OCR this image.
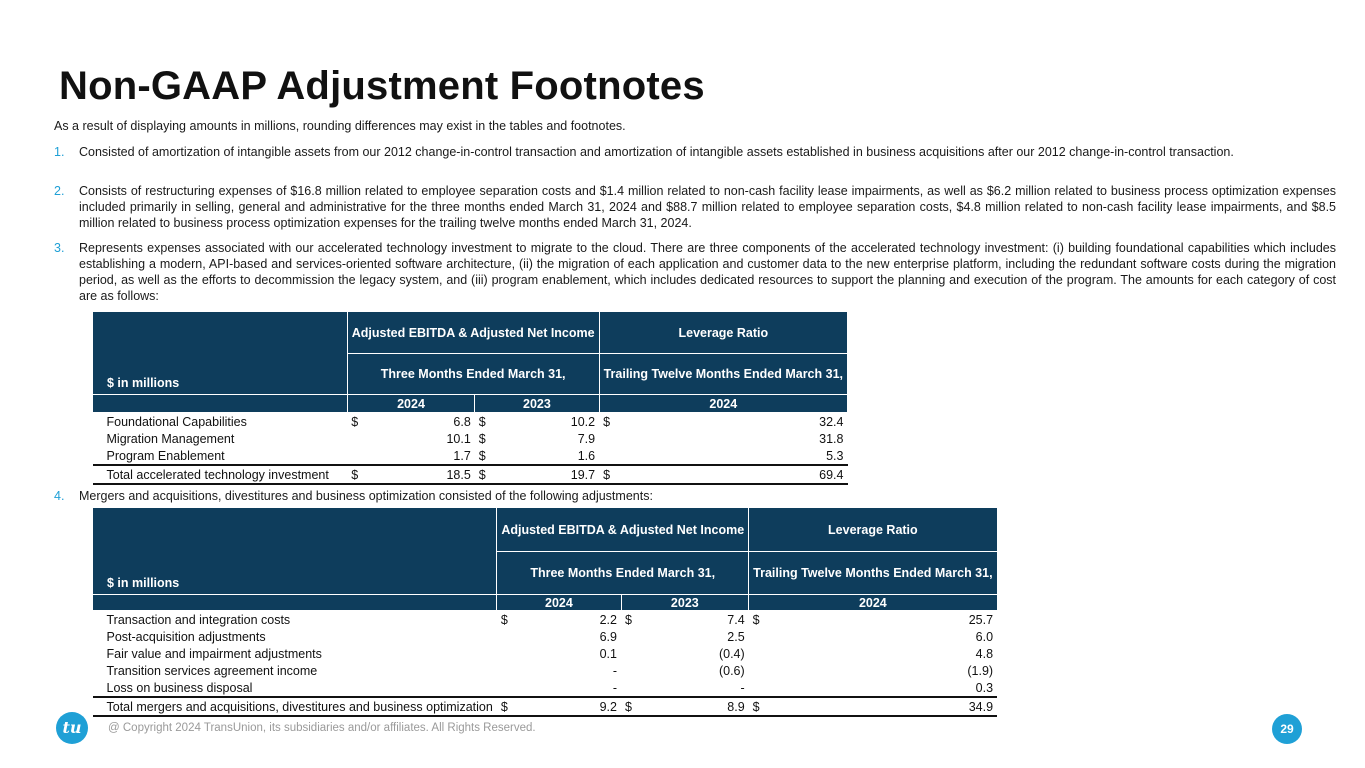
Non-GAAP Adjustment Footnotes
As a result of displaying amounts in millions, rounding differences may exist in the tables and footnotes.
1. Consisted of amortization of intangible assets from our 2012 change-in-control transaction and amortization of intangible assets established in business acquisitions after our 2012 change-in-control transaction.
2. Consists of restructuring expenses of $16.8 million related to employee separation costs and $1.4 million related to non-cash facility lease impairments, as well as $6.2 million related to business process optimization expenses included primarily in selling, general and administrative for the three months ended March 31, 2024 and $88.7 million related to employee separation costs, $4.8 million related to non-cash facility lease impairments, and $8.5 million related to business process optimization expenses for the trailing twelve months ended March 31, 2024.
3. Represents expenses associated with our accelerated technology investment to migrate to the cloud. There are three components of the accelerated technology investment: (i) building foundational capabilities which includes establishing a modern, API-based and services-oriented software architecture, (ii) the migration of each application and customer data to the new enterprise platform, including the redundant software costs during the migration period, as well as the efforts to decommission the legacy system, and (iii) program enablement, which includes dedicated resources to support the planning and execution of the program. The amounts for each category of cost are as follows:
$ in millions	Adjusted EBITDA & Adjusted Net Income				Leverage Ratio	
	Three Months Ended March 31,				Trailing Twelve Months Ended March 31,	
	2024		2023		2024	
Foundational Capabilities	$	6.8	$	10.2	$	32.4
Migration Management		10.1	$	7.9		31.8
Program Enablement		1.7	$	1.6		5.3
Total accelerated technology investment	$	18.5	$	19.7	$	69.4
4. Mergers and acquisitions, divestitures and business optimization consisted of the following adjustments:
$ in millions	Adjusted EBITDA & Adjusted Net Income				Leverage Ratio	
	Three Months Ended March 31,				Trailing Twelve Months Ended March 31,	
	2024		2023		2024	
Transaction and integration costs	$	2.2	$	7.4	$	25.7
Post-acquisition adjustments		6.9		2.5		6.0
Fair value and impairment adjustments		0.1		(0.4)		4.8
Transition services agreement income		-		(0.6)		(1.9)
Loss on business disposal		-		-		0.3
Total mergers and acquisitions, divestitures and business optimization	$	9.2	$	8.9	$	34.9
tu	@ Copyright 2024 TransUnion, its subsidiaries and/or affiliates. All Rights Reserved.	29
